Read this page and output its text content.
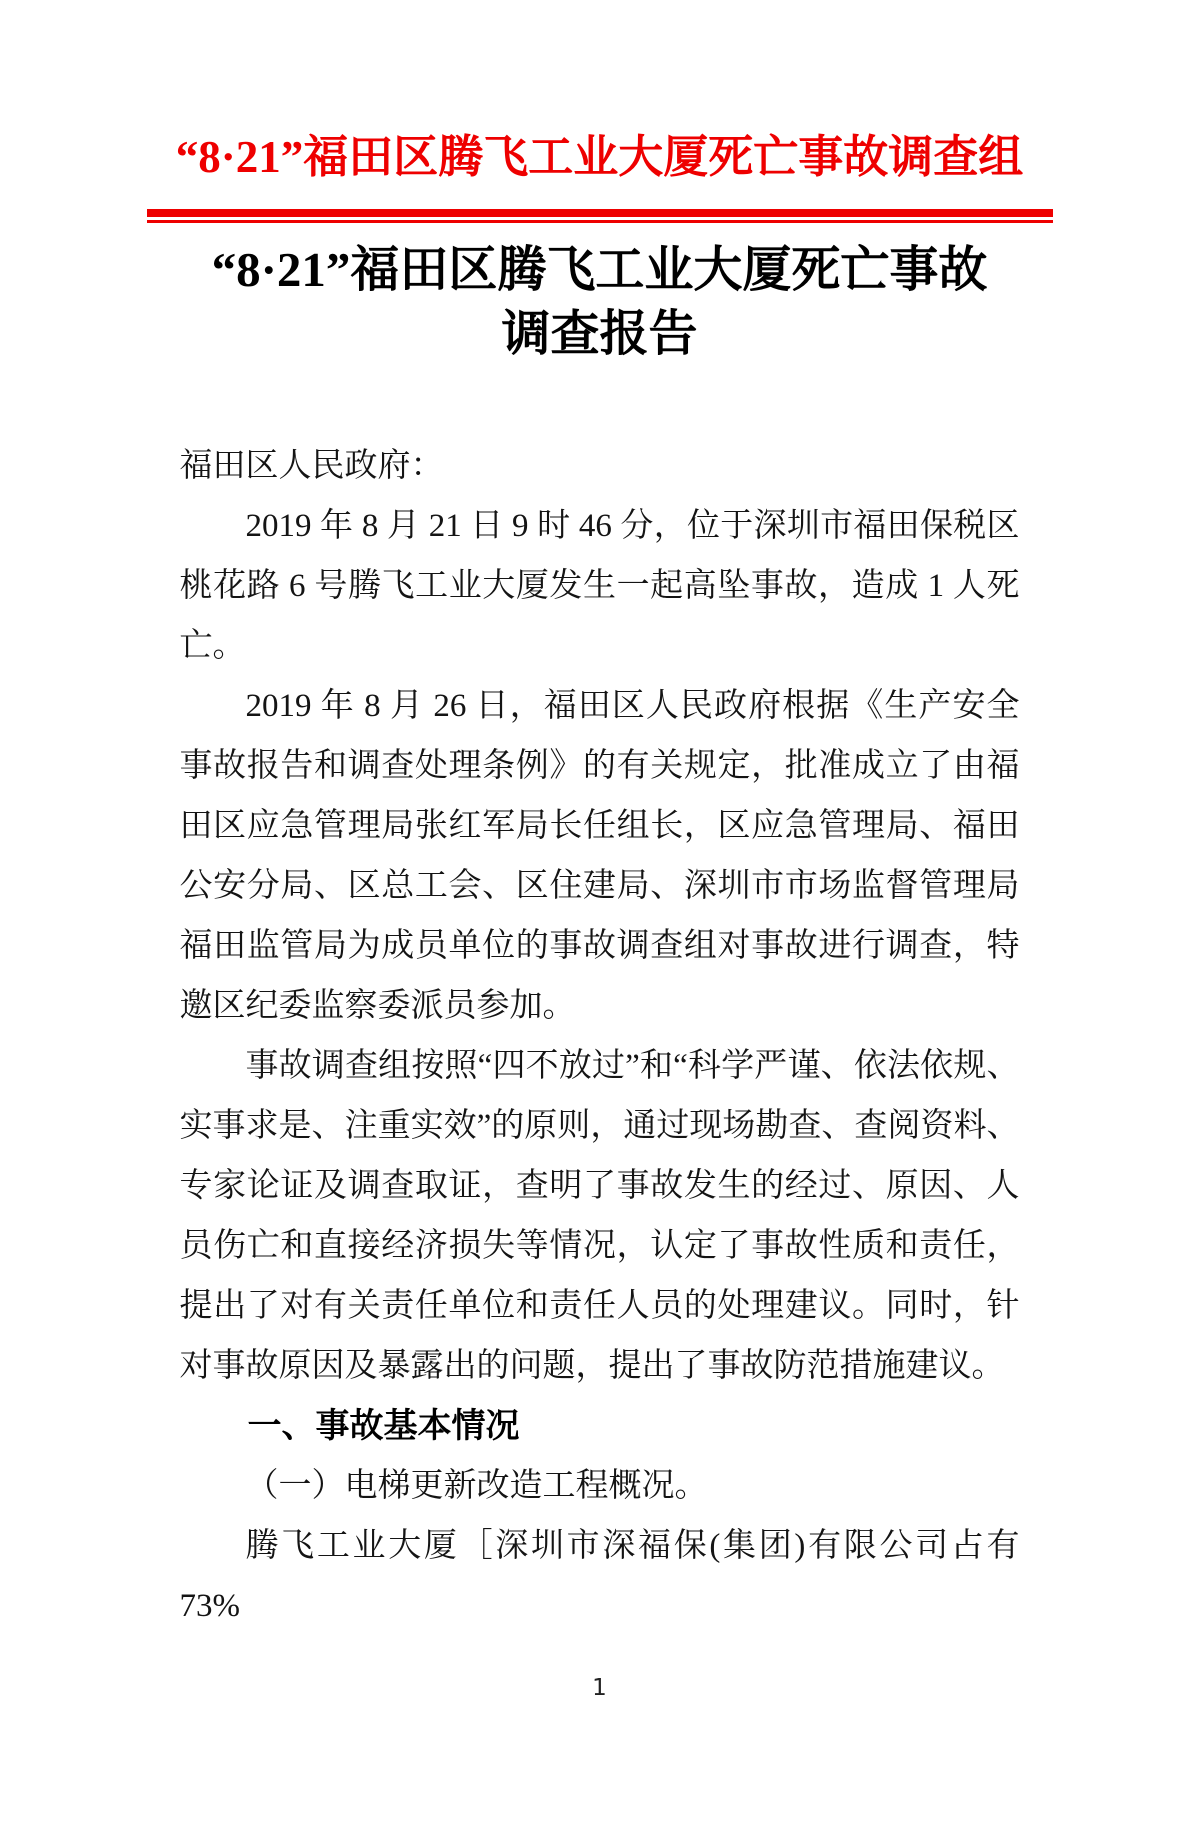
“8·21”福田区腾飞工业大厦死亡事故调查组
“8·21”福田区腾飞工业大厦死亡事故
调查报告

福田区人民政府：

2019 年 8 月 21 日 9 时 46 分，位于深圳市福田保税区桃花路 6 号腾飞工业大厦发生一起高坠事故，造成 1 人死亡。

2019 年 8 月 26 日，福田区人民政府根据《生产安全事故报告和调查处理条例》的有关规定，批准成立了由福田区应急管理局张红军局长任组长，区应急管理局、福田公安分局、区总工会、区住建局、深圳市市场监督管理局福田监管局为成员单位的事故调查组对事故进行调查，特邀区纪委监察委派员参加。

事故调查组按照“四不放过”和“科学严谨、依法依规、实事求是、注重实效”的原则，通过现场勘查、查阅资料、专家论证及调查取证，查明了事故发生的经过、原因、人员伤亡和直接经济损失等情况，认定了事故性质和责任，提出了对有关责任单位和责任人员的处理建议。同时，针对事故原因及暴露出的问题，提出了事故防范措施建议。

一、事故基本情况

（一）电梯更新改造工程概况。

腾飞工业大厦［深圳市深福保(集团)有限公司占有 73%

1
